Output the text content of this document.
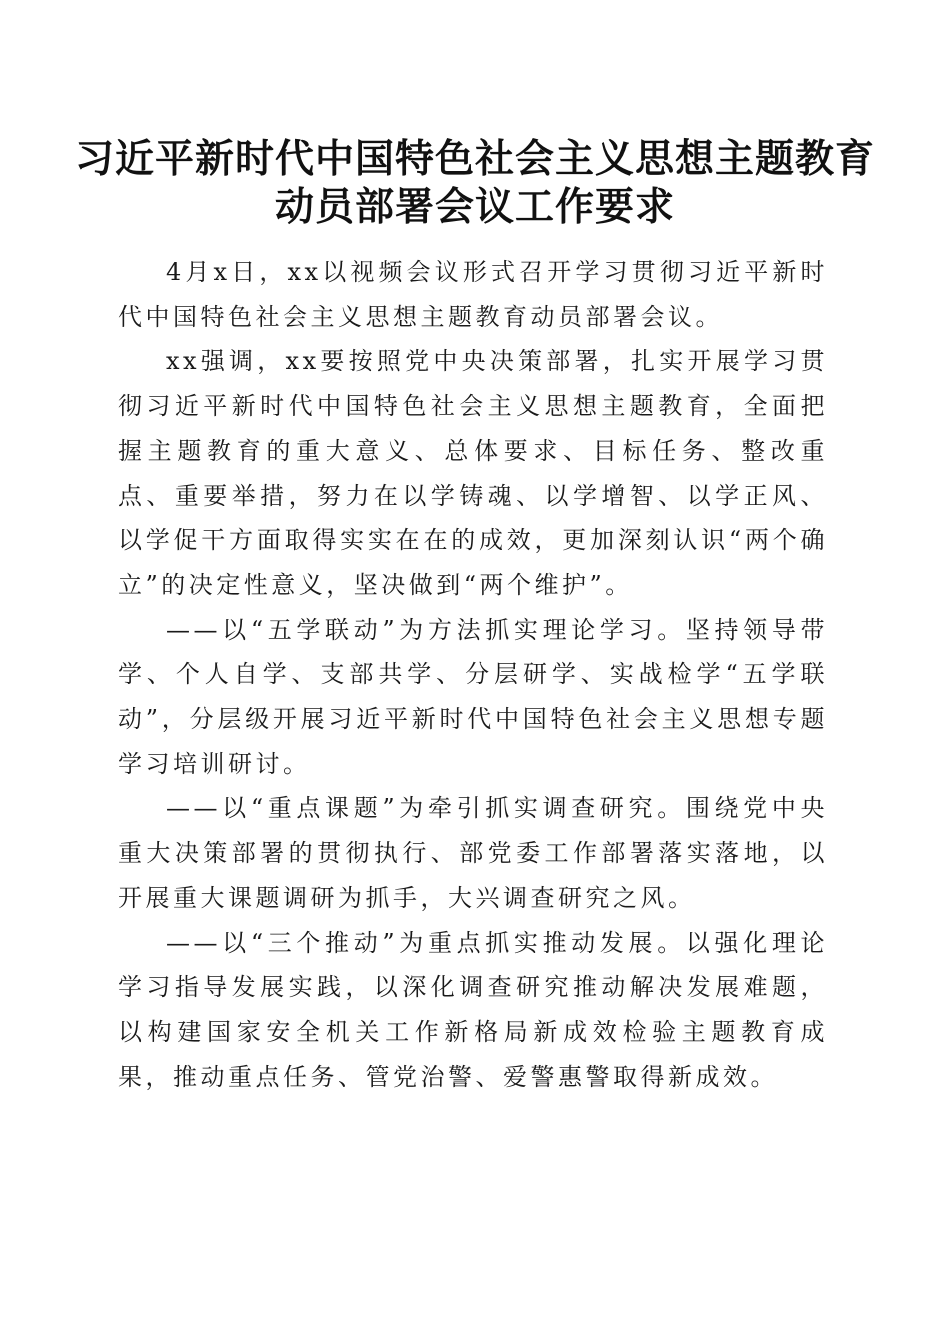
习近平新时代中国特色社会主义思想主题教育
动员部署会议工作要求

4月x日，xx以视频会议形式召开学习贯彻习近平新时代中国特色社会主义思想主题教育动员部署会议。

xx强调，xx要按照党中央决策部署，扎实开展学习贯彻习近平新时代中国特色社会主义思想主题教育，全面把握主题教育的重大意义、总体要求、目标任务、整改重点、重要举措，努力在以学铸魂、以学增智、以学正风、以学促干方面取得实实在在的成效，更加深刻认识“两个确立”的决定性意义，坚决做到“两个维护”。

——以“五学联动”为方法抓实理论学习。坚持领导带学、个人自学、支部共学、分层研学、实战检学“五学联动”，分层级开展习近平新时代中国特色社会主义思想专题学习培训研讨。

——以“重点课题”为牵引抓实调查研究。围绕党中央重大决策部署的贯彻执行、部党委工作部署落实落地，以开展重大课题调研为抓手，大兴调查研究之风。

——以“三个推动”为重点抓实推动发展。以强化理论学习指导发展实践，以深化调查研究推动解决发展难题，以构建国家安全机关工作新格局新成效检验主题教育成果，推动重点任务、管党治警、爱警惠警取得新成效。
